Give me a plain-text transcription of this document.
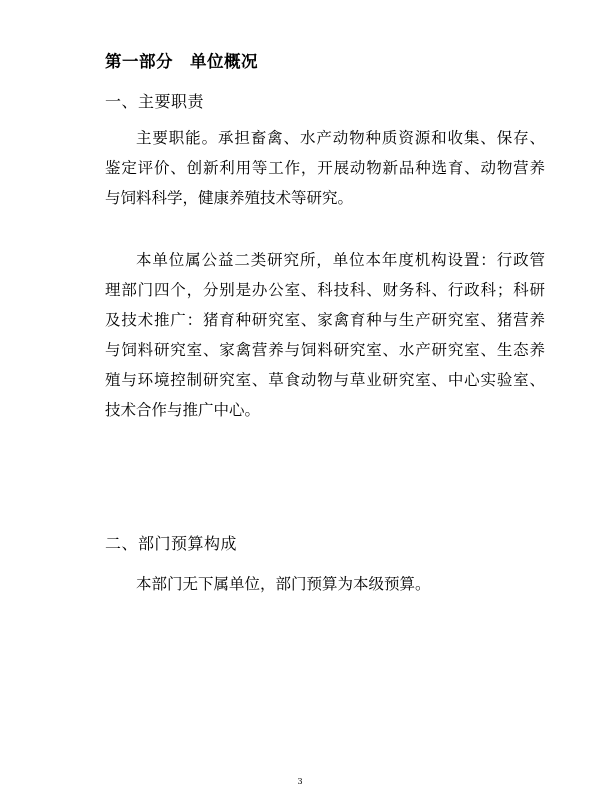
第一部分　单位概况
一、主要职责
主要职能。承担畜禽、水产动物种质资源和收集、保存、
鉴定评价、创新利用等工作，开展动物新品种选育、动物营养
与饲料科学，健康养殖技术等研究。
本单位属公益二类研究所，单位本年度机构设置：行政管
理部门四个，分别是办公室、科技科、财务科、行政科；科研
及技术推广：猪育种研究室、家禽育种与生产研究室、猪营养
与饲料研究室、家禽营养与饲料研究室、水产研究室、生态养
殖与环境控制研究室、草食动物与草业研究室、中心实验室、
技术合作与推广中心。
二、部门预算构成
本部门无下属单位，部门预算为本级预算。
3
